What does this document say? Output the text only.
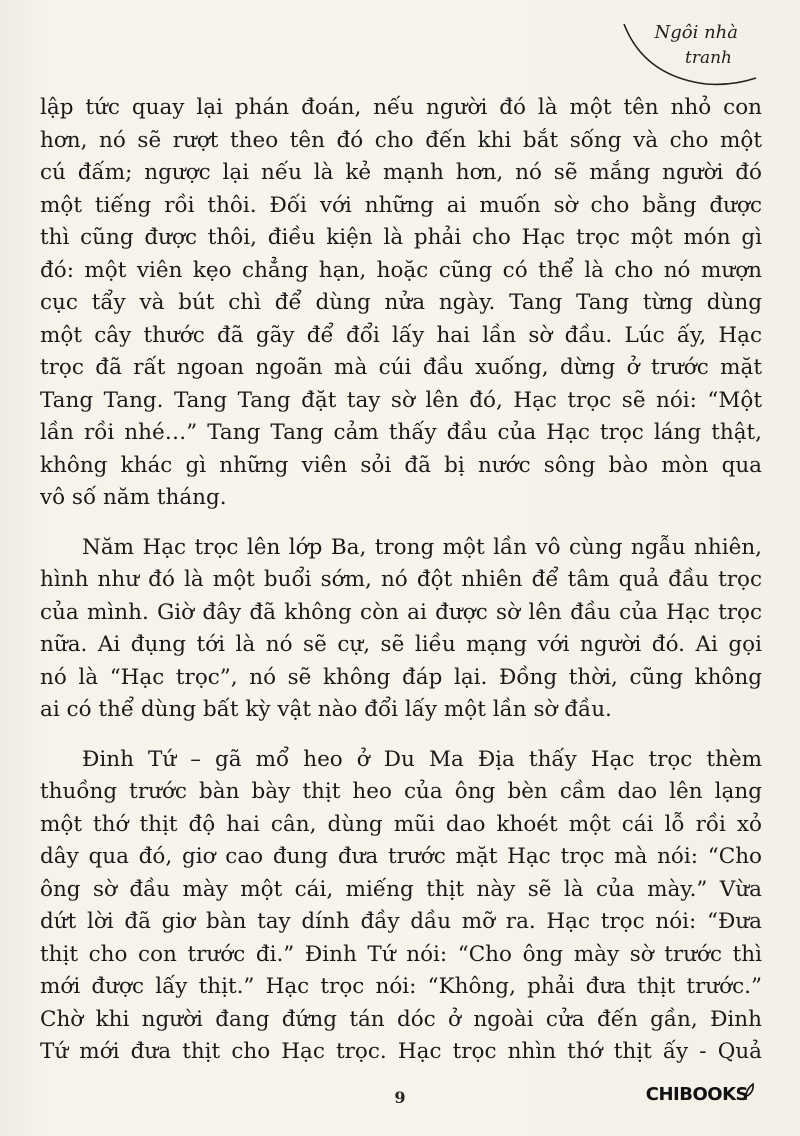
Ngôi nhà
tranh
lập tức quay lại phán đoán, nếu người đó là một tên nhỏ con
hơn, nó sẽ rượt theo tên đó cho đến khi bắt sống và cho một
cú đấm; ngược lại nếu là kẻ mạnh hơn, nó sẽ mắng người đó
một tiếng rồi thôi. Đối với những ai muốn sờ cho bằng được
thì cũng được thôi, điều kiện là phải cho Hạc trọc một món gì
đó: một viên kẹo chẳng hạn, hoặc cũng có thể là cho nó mượn
cục tẩy và bút chì để dùng nửa ngày. Tang Tang từng dùng
một cây thước đã gãy để đổi lấy hai lần sờ đầu. Lúc ấy, Hạc
trọc đã rất ngoan ngoãn mà cúi đầu xuống, dừng ở trước mặt
Tang Tang. Tang Tang đặt tay sờ lên đó, Hạc trọc sẽ nói: “Một
lần rồi nhé…” Tang Tang cảm thấy đầu của Hạc trọc láng thật,
không khác gì những viên sỏi đã bị nước sông bào mòn qua
vô số năm tháng.
Năm Hạc trọc lên lớp Ba, trong một lần vô cùng ngẫu nhiên,
hình như đó là một buổi sớm, nó đột nhiên để tâm quả đầu trọc
của mình. Giờ đây đã không còn ai được sờ lên đầu của Hạc trọc
nữa. Ai đụng tới là nó sẽ cự, sẽ liều mạng với người đó. Ai gọi
nó là “Hạc trọc”, nó sẽ không đáp lại. Đồng thời, cũng không
ai có thể dùng bất kỳ vật nào đổi lấy một lần sờ đầu.
Đinh Tứ – gã mổ heo ở Du Ma Địa thấy Hạc trọc thèm
thuồng trước bàn bày thịt heo của ông bèn cầm dao lên lạng
một thớ thịt độ hai cân, dùng mũi dao khoét một cái lỗ rồi xỏ
dây qua đó, giơ cao đung đưa trước mặt Hạc trọc mà nói: “Cho
ông sờ đầu mày một cái, miếng thịt này sẽ là của mày.” Vừa
dứt lời đã giơ bàn tay dính đầy dầu mỡ ra. Hạc trọc nói: “Đưa
thịt cho con trước đi.” Đinh Tứ nói: “Cho ông mày sờ trước thì
mới được lấy thịt.” Hạc trọc nói: “Không, phải đưa thịt trước.”
Chờ khi người đang đứng tán dóc ở ngoài cửa đến gần, Đinh
Tứ mới đưa thịt cho Hạc trọc. Hạc trọc nhìn thớ thịt ấy - Quả
9	CHIBOOKS
